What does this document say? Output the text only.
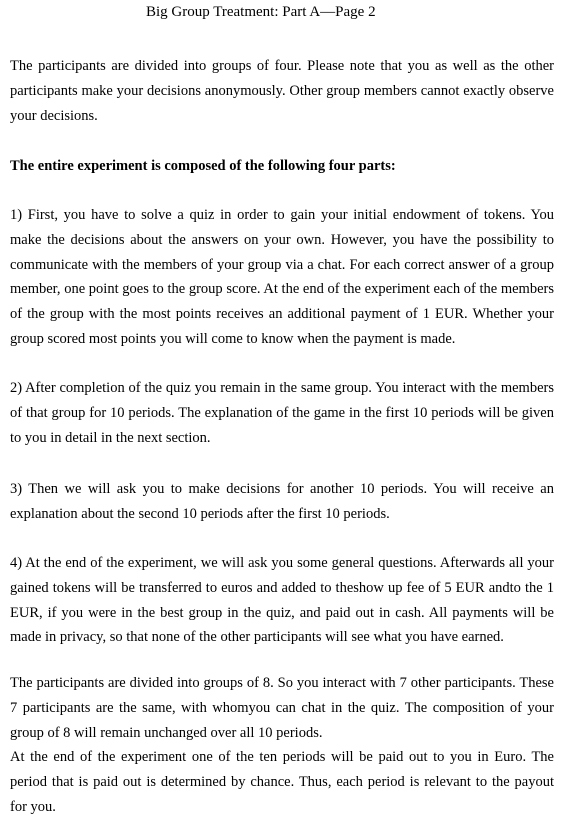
Big Group Treatment: Part A—Page 2

The participants are divided into groups of four. Please note that you as well as the other participants make your decisions anonymously. Other group members cannot exactly observe your decisions.

The entire experiment is composed of the following four parts:

1) First, you have to solve a quiz in order to gain your initial endowment of tokens. You make the decisions about the answers on your own. However, you have the possibility to communicate with the members of your group via a chat. For each correct answer of a group member, one point goes to the group score. At the end of the experiment each of the members of the group with the most points receives an additional payment of 1 EUR. Whether your group scored most points you will come to know when the payment is made.

2) After completion of the quiz you remain in the same group. You interact with the members of that group for 10 periods. The explanation of the game in the first 10 periods will be given to you in detail in the next section.

3) Then we will ask you to make decisions for another 10 periods. You will receive an explanation about the second 10 periods after the first 10 periods.

4) At the end of the experiment, we will ask you some general questions. Afterwards all your gained tokens will be transferred to euros and added to theshow up fee of 5 EUR andto the 1 EUR, if you were in the best group in the quiz, and paid out in cash. All payments will be made in privacy, so that none of the other participants will see what you have earned.

The participants are divided into groups of 8. So you interact with 7 other participants. These 7 participants are the same, with whomyou can chat in the quiz. The composition of your group of 8 will remain unchanged over all 10 periods.

At the end of the experiment one of the ten periods will be paid out to you in Euro. The period that is paid out is determined by chance. Thus, each period is relevant to the payout for you.
